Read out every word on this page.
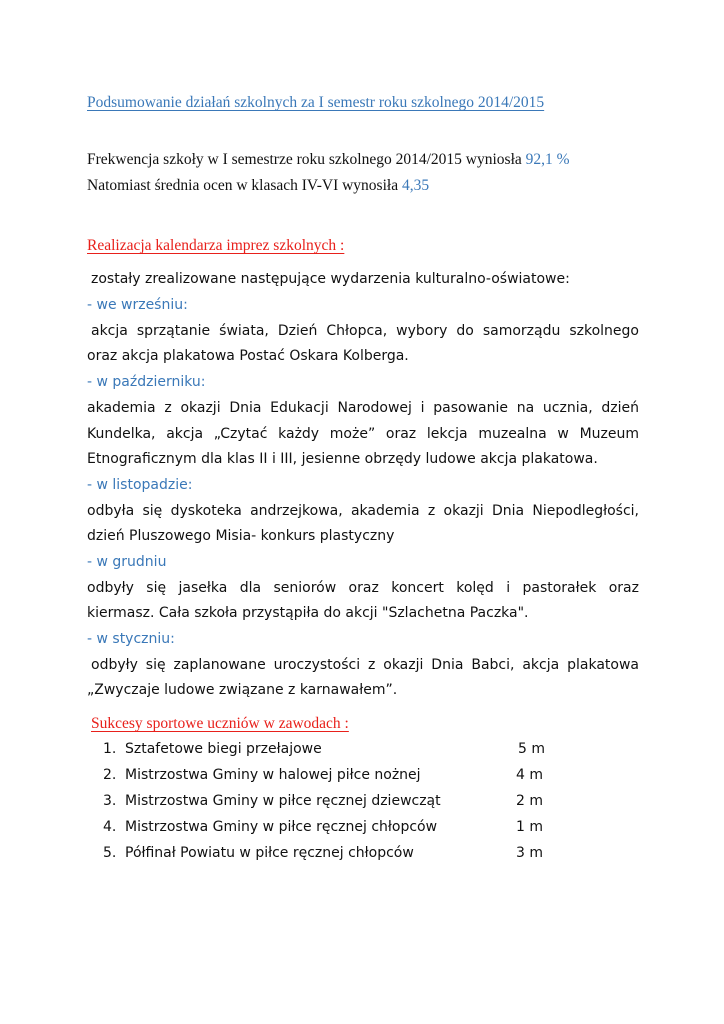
Podsumowanie działań szkolnych za I semestr roku szkolnego 2014/2015
Frekwencja szkoły w I semestrze roku szkolnego 2014/2015 wyniosła 92,1 %
Natomiast średnia ocen w klasach IV-VI wynosiła 4,35
Realizacja kalendarza imprez szkolnych :
zostały zrealizowane następujące wydarzenia kulturalno-oświatowe:
- we wrześniu:
akcja sprzątanie świata, Dzień Chłopca, wybory do samorządu szkolnego
oraz akcja plakatowa Postać Oskara Kolberga.
- w październiku:
akademia z okazji Dnia Edukacji Narodowej i pasowanie na ucznia, dzień
Kundelka, akcja „Czytać każdy może” oraz lekcja muzealna w Muzeum
Etnograficznym dla klas II i III, jesienne obrzędy ludowe akcja plakatowa.
- w listopadzie:
odbyła się dyskoteka andrzejkowa, akademia z okazji Dnia Niepodległości,
dzień Pluszowego Misia- konkurs plastyczny
- w grudniu
odbyły się jasełka dla seniorów oraz koncert kolęd i pastorałek oraz
kiermasz. Cała szkoła przystąpiła do akcji "Szlachetna Paczka".
- w styczniu:
odbyły się zaplanowane uroczystości z okazji Dnia Babci, akcja plakatowa
„Zwyczaje ludowe związane z karnawałem”.
Sukcesy sportowe uczniów w zawodach :
1. Sztafetowe biegi przełajowe	5 m
2. Mistrzostwa Gminy w halowej piłce nożnej	4 m
3. Mistrzostwa Gminy w piłce ręcznej dziewcząt	2 m
4. Mistrzostwa Gminy w piłce ręcznej chłopców	1 m
5. Półfinał Powiatu w piłce ręcznej chłopców	3 m
